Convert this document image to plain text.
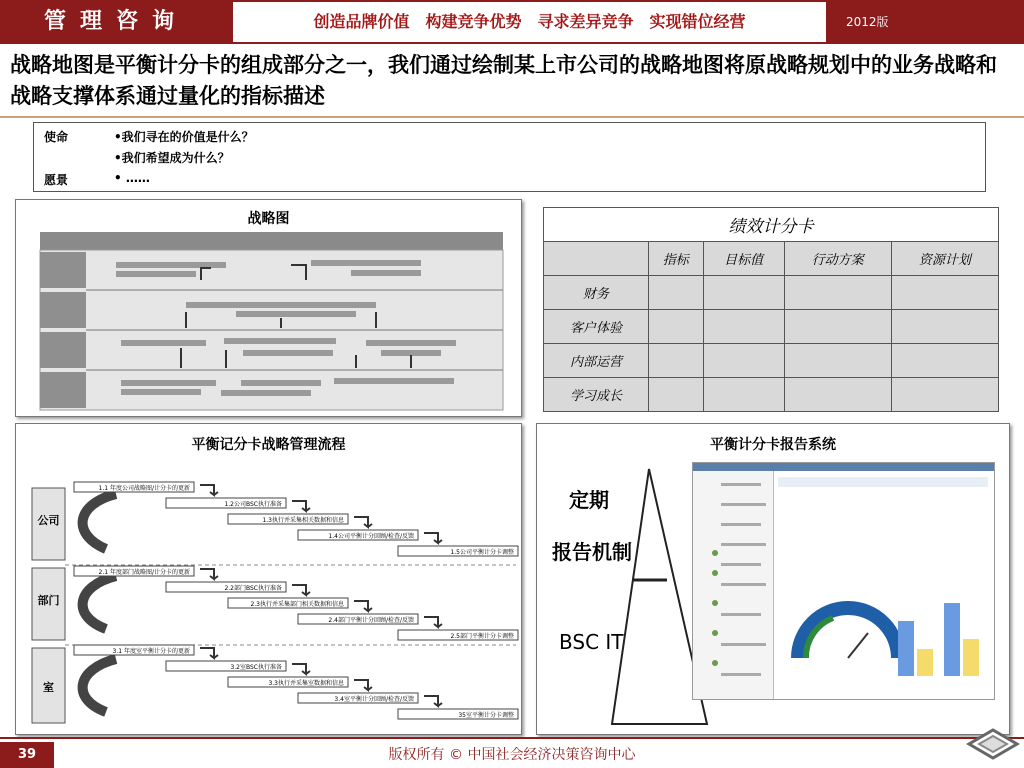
管理咨询	创造品牌价值　构建竞争优势　寻求差异竞争　实现错位经营	2012版
战略地图是平衡计分卡的组成部分之一，我们通过绘制某上市公司的战略地图将原战略规划中的业务战略和战略支撑体系通过量化的指标描述
使命
愿景
•我们寻在的价值是什么？
•我们希望成为什么？
• ……
战略图	绩效计分卡				
	指标	目标值	行动方案	资源计划
财务				
客户体验				
内部运营				
学习成长				
平衡记分卡战略管理流程
1.1 年度公司战略图/计分卡的更新
1.2公司BSC执行准备
1.3执行并采集相关数据和信息
1.4公司平衡计分回顾/检查/反馈
1.5公司平衡计分卡调整
2.1 年度部门战略图/计分卡的更新
2.2部门BSC执行准备
2.3执行并采集部门相关数据和信息
2.4部门平衡计分回顾/检查/反馈
2.5部门平衡计分卡调整
3.1 年度室平衡计分卡的更新
3.2室BSC执行准备
3.3执行并采集室数据和信息
3.4室平衡计分回顾/检查/反馈
35室平衡计分卡调整
公司
部门
室
平衡计分卡报告系统
定期
报告机制
BSC IT
39	版权所有 © 中国社会经济决策咨询中心
